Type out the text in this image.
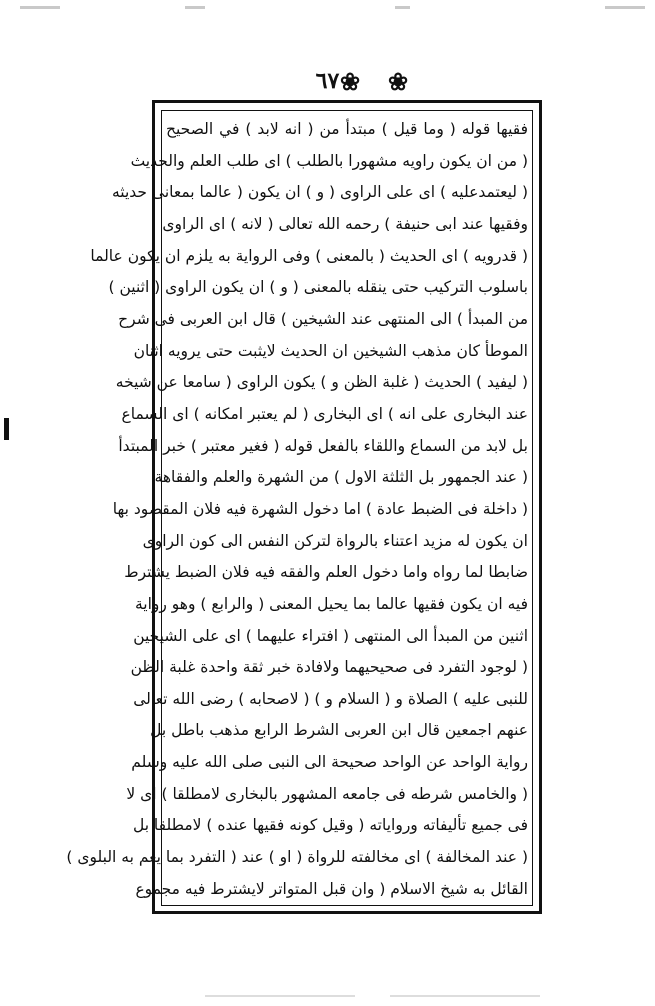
❀
٦٧	❀
فقيها قوله ( وما قيل ) مبتدأ من ( انه لابد ) في الصحيح
( من ان يكون راويه مشهورا بالطلب ) اى طلب العلم والحديث
( ليعتمدعليه ) اى على الراوى ( و ) ان يكون ( عالما بمعانى حديثه
وفقيها عند ابى حنيفة ) رحمه الله تعالى ( لانه ) اى الراوى
( قدرويه ) اى الحديث ( بالمعنى ) وفى الرواية به يلزم ان يكون عالما
باسلوب التركيب حتى ينقله بالمعنى ( و ) ان يكون الراوى ( اثنين )
من المبدأ ) الى المنتهى عند الشيخين ) قال ابن العربى فى شرح
الموطأ كان مذهب الشيخين ان الحديث لايثبت حتى يرويه اثنان
( ليفيد ) الحديث ( غلبة الظن و ) يكون الراوى ( سامعا عن شيخه
عند البخارى على انه ) اى البخارى ( لم يعتبر امكانه ) اى السماع
بل لابد من السماع واللقاء بالفعل قوله ( فغير معتبر ) خبر المبتدأ
( عند الجمهور بل الثلثة الاول ) من الشهرة والعلم والفقاهة
( داخلة فى الضبط عادة ) اما دخول الشهرة فيه فلان المقصود بها
ان يكون له مزيد اعتناء بالرواة لتركن النفس الى كون الراوى
ضابطا لما رواه واما دخول العلم والفقه فيه فلان الضبط يشترط
فيه ان يكون فقيها عالما بما يحيل المعنى ( والرابع ) وهو رواية
اثنين من المبدأ الى المنتهى ( افتراء عليهما ) اى على الشيخين
( لوجود التفرد فى صحيحيهما ولافادة خبر ثقة واحدة غلبة الظن
للنبى عليه ) الصلاة و ( السلام و ) ( لاصحابه ) رضى الله تعالى
عنهم اجمعين قال ابن العربى الشرط الرابع مذهب باطل بل
رواية الواحد عن الواحد صحيحة الى النبى صلى الله عليه وسلم
( والخامس شرطه فى جامعه المشهور بالبخارى لامطلقا ) اى لا
فى جميع تأليفاته ورواياته ( وقيل كونه فقيها عنده ) لامطلقا بل
( عند المخالفة ) اى مخالفته للرواة ( او ) عند ( التفرد بما يعم به البلوى )
القائل به شيخ الاسلام ( وان قبل المتواتر لايشترط فيه مجموع
